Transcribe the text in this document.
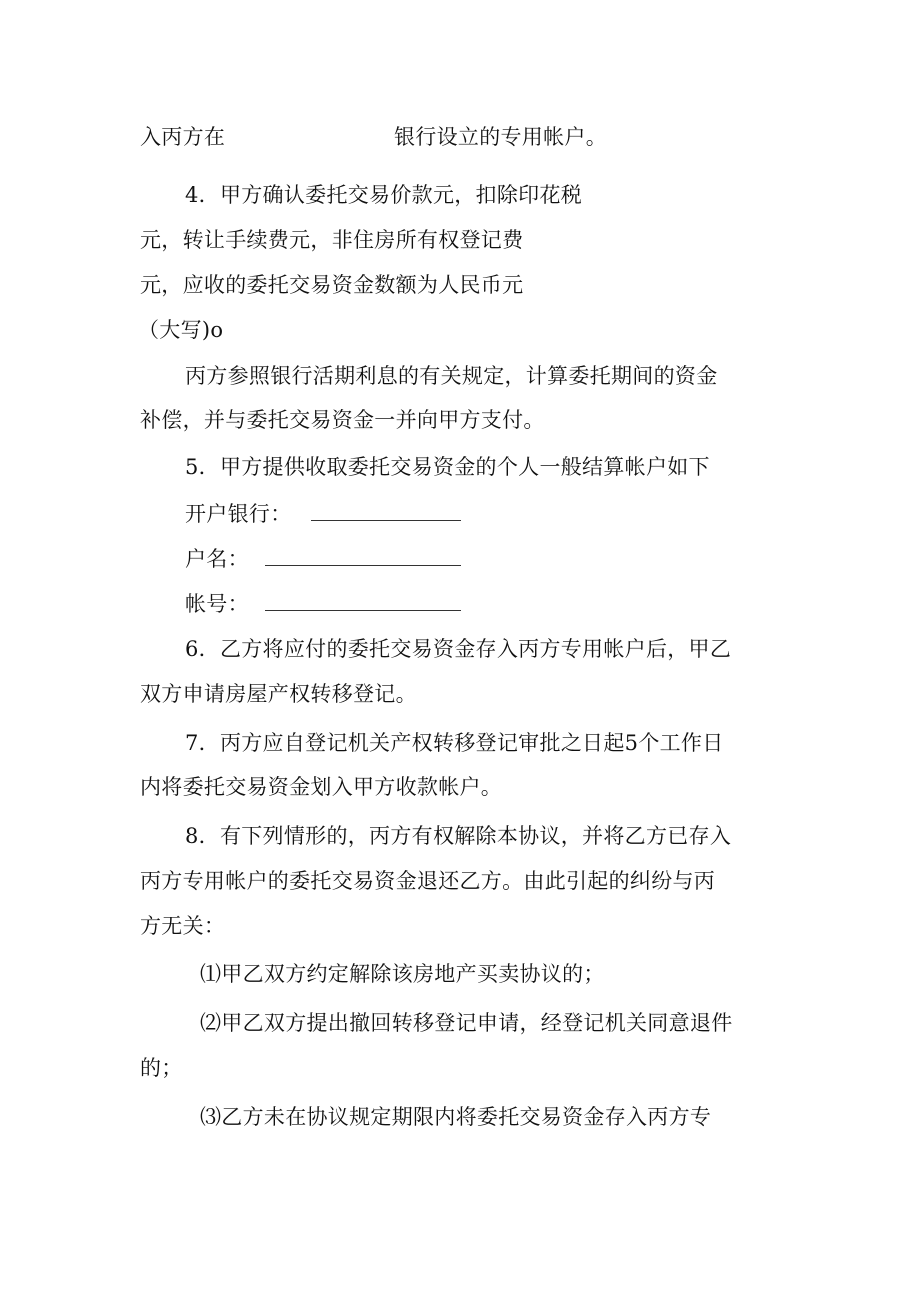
入丙方在	银行设立的专用帐户。
4．甲方确认委托交易价款元，扣除印花税
元，转让手续费元，非住房所有权登记费
元，应收的委托交易资金数额为人民币元
（大写)o
丙方参照银行活期利息的有关规定，计算委托期间的资金
补偿，并与委托交易资金一并向甲方支付。
5．甲方提供收取委托交易资金的个人一般结算帐户如下
开户银行：
户名：
帐号：
6．乙方将应付的委托交易资金存入丙方专用帐户后，甲乙
双方申请房屋产权转移登记。
7．丙方应自登记机关产权转移登记审批之日起5个工作日
内将委托交易资金划入甲方收款帐户。
8．有下列情形的，丙方有权解除本协议，并将乙方已存入
丙方专用帐户的委托交易资金退还乙方。由此引起的纠纷与丙
方无关：
⑴甲乙双方约定解除该房地产买卖协议的；
⑵甲乙双方提出撤回转移登记申请，经登记机关同意退件
的；
⑶乙方未在协议规定期限内将委托交易资金存入丙方专
